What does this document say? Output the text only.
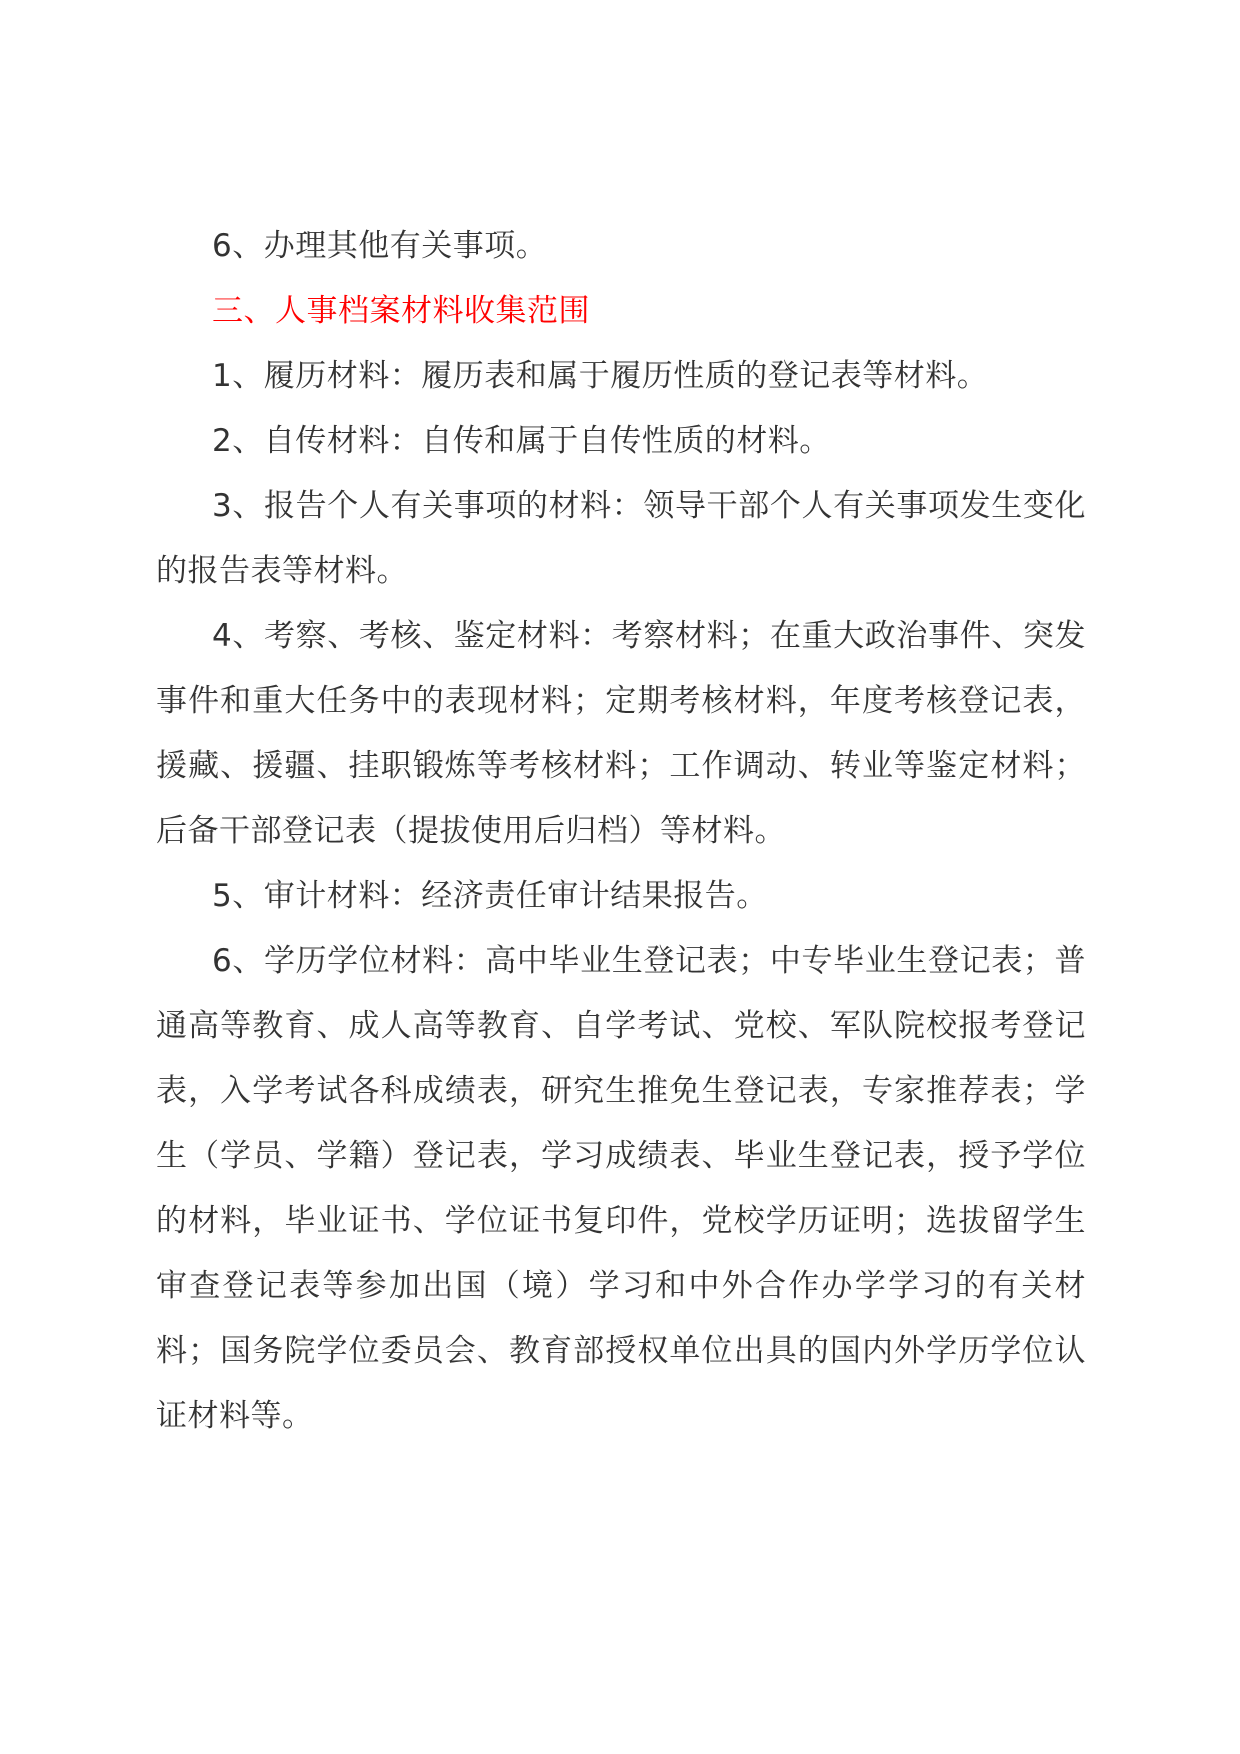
6、办理其他有关事项。

三、人事档案材料收集范围

1、履历材料：履历表和属于履历性质的登记表等材料。

2、自传材料：自传和属于自传性质的材料。

3、报告个人有关事项的材料：领导干部个人有关事项发生变化的报告表等材料。

4、考察、考核、鉴定材料：考察材料；在重大政治事件、突发事件和重大任务中的表现材料；定期考核材料，年度考核登记表，援藏、援疆、挂职锻炼等考核材料；工作调动、转业等鉴定材料；后备干部登记表（提拔使用后归档）等材料。

5、审计材料：经济责任审计结果报告。

6、学历学位材料：高中毕业生登记表；中专毕业生登记表；普通高等教育、成人高等教育、自学考试、党校、军队院校报考登记表，入学考试各科成绩表，研究生推免生登记表，专家推荐表；学生（学员、学籍）登记表，学习成绩表、毕业生登记表，授予学位的材料，毕业证书、学位证书复印件，党校学历证明；选拔留学生审查登记表等参加出国（境）学习和中外合作办学学习的有关材料；国务院学位委员会、教育部授权单位出具的国内外学历学位认证材料等。
